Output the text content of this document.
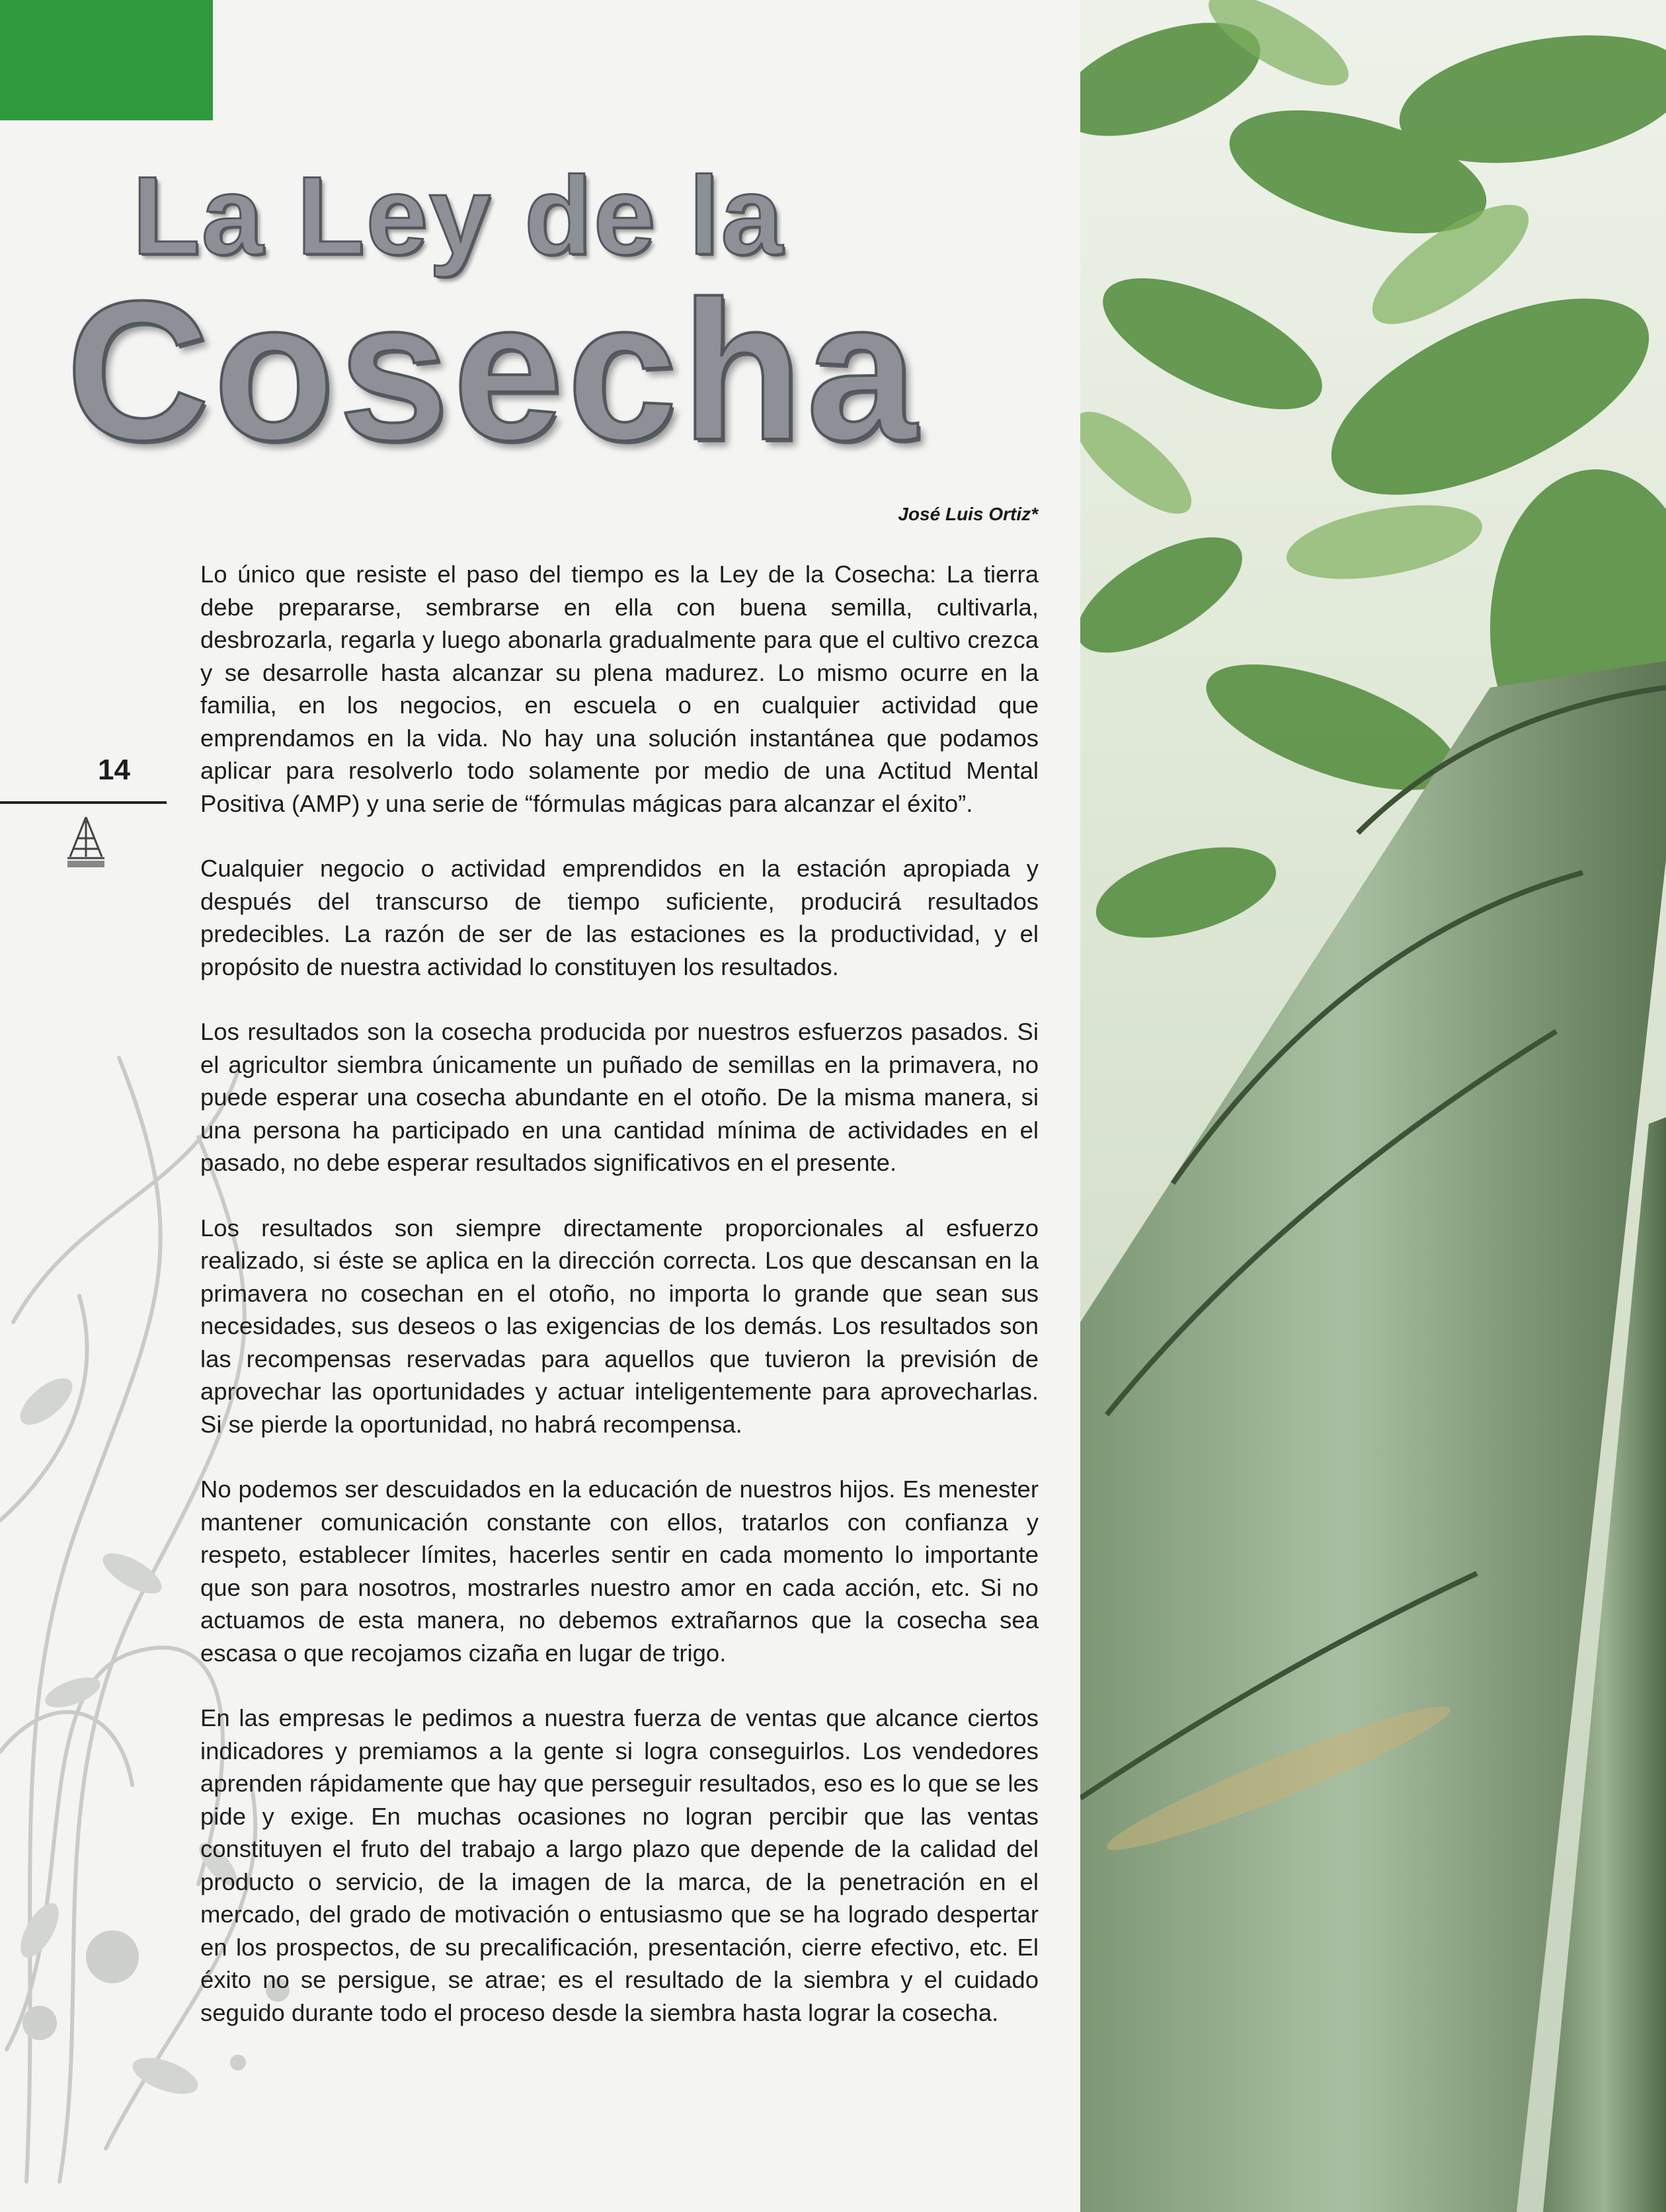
La Ley de la
Cosecha
José Luis Ortiz*
14

Lo único que resiste el paso del tiempo es la Ley de la Cosecha: La tierra debe prepararse, sembrarse en ella con buena semilla, cultivarla, desbrozarla, regarla y luego abonarla gradualmente para que el cultivo crezca y se desarrolle hasta alcanzar su plena madurez. Lo mismo ocurre en la familia, en los negocios, en escuela o en cualquier actividad que emprendamos en la vida. No hay una solución instantánea que podamos aplicar para resolverlo todo solamente por medio de una Actitud Mental Positiva (AMP) y una serie de “fórmulas mágicas para alcanzar el éxito”.

Cualquier negocio o actividad emprendidos en la estación apropiada y después del transcurso de tiempo suficiente, producirá resultados predecibles. La razón de ser de las estaciones es la productividad, y el propósito de nuestra actividad lo constituyen los resultados.

Los resultados son la cosecha producida por nuestros esfuerzos pasados. Si el agricultor siembra únicamente un puñado de semillas en la primavera, no puede esperar una cosecha abundante en el otoño. De la misma manera, si una persona ha participado en una cantidad mínima de actividades en el pasado, no debe esperar resultados significativos en el presente.

Los resultados son siempre directamente proporcionales al esfuerzo realizado, si éste se aplica en la dirección correcta. Los que descansan en la primavera no cosechan en el otoño, no importa lo grande que sean sus necesidades, sus deseos o las exigencias de los demás. Los resultados son las recompensas reservadas para aquellos que tuvieron la previsión de aprovechar las oportunidades y actuar inteligentemente para aprovecharlas. Si se pierde la oportunidad, no habrá recompensa.

No podemos ser descuidados en la educación de nuestros hijos. Es menester mantener comunicación constante con ellos, tratarlos con confianza y respeto, establecer límites, hacerles sentir en cada momento lo importante que son para nosotros, mostrarles nuestro amor en cada acción, etc. Si no actuamos de esta manera, no debemos extrañarnos que la cosecha sea escasa o que recojamos cizaña en lugar de trigo.

En las empresas le pedimos a nuestra fuerza de ventas que alcance ciertos indicadores y premiamos a la gente si logra conseguirlos. Los vendedores aprenden rápidamente que hay que perseguir resultados, eso es lo que se les pide y exige. En muchas ocasiones no logran percibir que las ventas constituyen el fruto del trabajo a largo plazo que depende de la calidad del producto o servicio, de la imagen de la marca, de la penetración en el mercado, del grado de motivación o entusiasmo que se ha logrado despertar en los prospectos, de su precalificación, presentación, cierre efectivo, etc. El éxito no se persigue, se atrae; es el resultado de la siembra y el cuidado seguido durante todo el proceso desde la siembra hasta lograr la cosecha.
